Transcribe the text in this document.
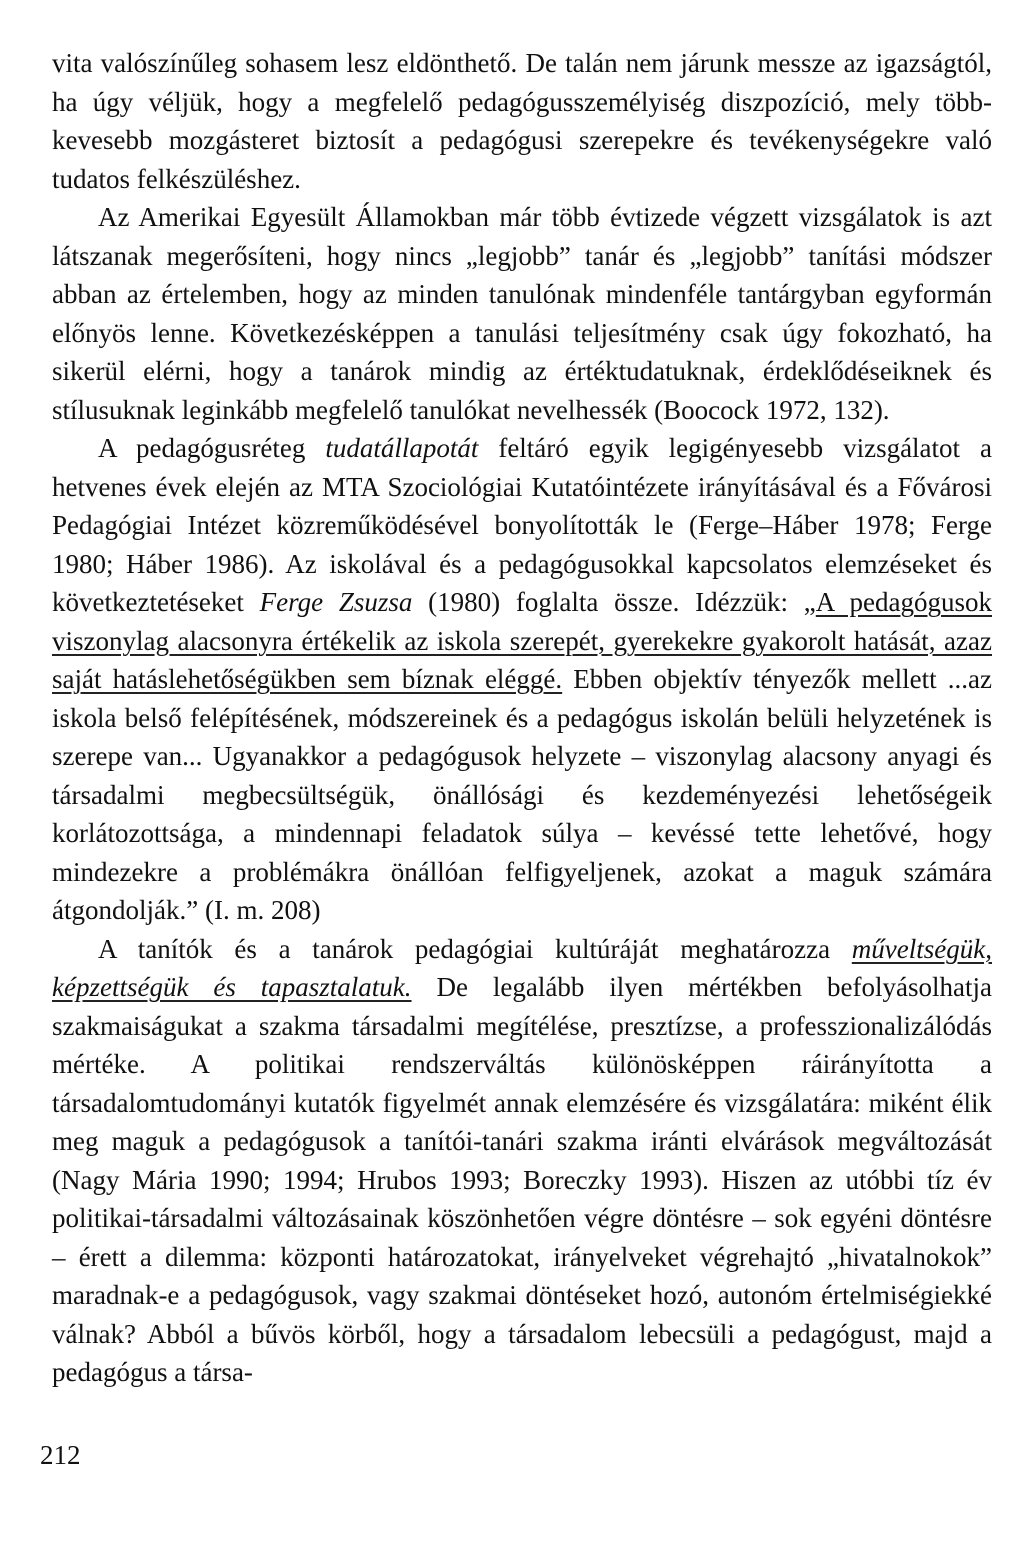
vita valószínűleg sohasem lesz eldönthető. De talán nem járunk messze az igazságtól, ha úgy véljük, hogy a megfelelő pedagógusszemélyiség diszpozíció, mely több-kevesebb mozgásteret biztosít a pedagógusi szerepekre és tevékenységekre való tudatos felkészüléshez.

Az Amerikai Egyesült Államokban már több évtizede végzett vizsgálatok is azt látszanak megerősíteni, hogy nincs „legjobb” tanár és „legjobb” tanítási módszer abban az értelemben, hogy az minden tanulónak mindenféle tantárgyban egyformán előnyös lenne. Következésképpen a tanulási teljesítmény csak úgy fokozható, ha sikerül elérni, hogy a tanárok mindig az értéktudatuknak, érdeklődéseiknek és stílusuknak leginkább megfelelő tanulókat nevelhessék (Boocock 1972, 132).

A pedagógusréteg tudatállapotát feltáró egyik legigényesebb vizsgálatot a hetvenes évek elején az MTA Szociológiai Kutatóintézete irányításával és a Fővárosi Pedagógiai Intézet közreműködésével bonyolították le (Ferge–Háber 1978; Ferge 1980; Háber 1986). Az iskolával és a pedagógusokkal kapcsolatos elemzéseket és következtetéseket Ferge Zsuzsa (1980) foglalta össze. Idézzük: „A pedagógusok viszonylag alacsonyra értékelik az iskola szerepét, gyerekekre gyakorolt hatását, azaz saját hatáslehetőségükben sem bíznak eléggé. Ebben objektív tényezők mellett ...az iskola belső felépítésének, módszereinek és a pedagógus iskolán belüli helyzetének is szerepe van... Ugyanakkor a pedagógusok helyzete – viszonylag alacsony anyagi és társadalmi megbecsültségük, önállósági és kezdeményezési lehetőségeik korlátozottsága, a mindennapi feladatok súlya – kevéssé tette lehetővé, hogy mindezekre a problémákra önállóan felfigyeljenek, azokat a maguk számára átgondolják.” (I. m. 208)

A tanítók és a tanárok pedagógiai kultúráját meghatározza műveltségük, képzettségük és tapasztalatuk. De legalább ilyen mértékben befolyásolhatja szakmaiságukat a szakma társadalmi megítélése, presztízse, a professzionalizálódás mértéke. A politikai rendszerváltás különösképpen ráirányította a társadalomtudományi kutatók figyelmét annak elemzésére és vizsgálatára: miként élik meg maguk a pedagógusok a tanítói-tanári szakma iránti elvárások megváltozását (Nagy Mária 1990; 1994; Hrubos 1993; Boreczky 1993). Hiszen az utóbbi tíz év politikai-társadalmi változásainak köszönhetően végre döntésre – sok egyéni döntésre – érett a dilemma: központi határozatokat, irányelveket végrehajtó „hivatalnokok” maradnak-e a pedagógusok, vagy szakmai döntéseket hozó, autonóm értelmiségiekké válnak? Abból a bűvös körből, hogy a társadalom lebecsüli a pedagógust, majd a pedagógus a társa-

212
